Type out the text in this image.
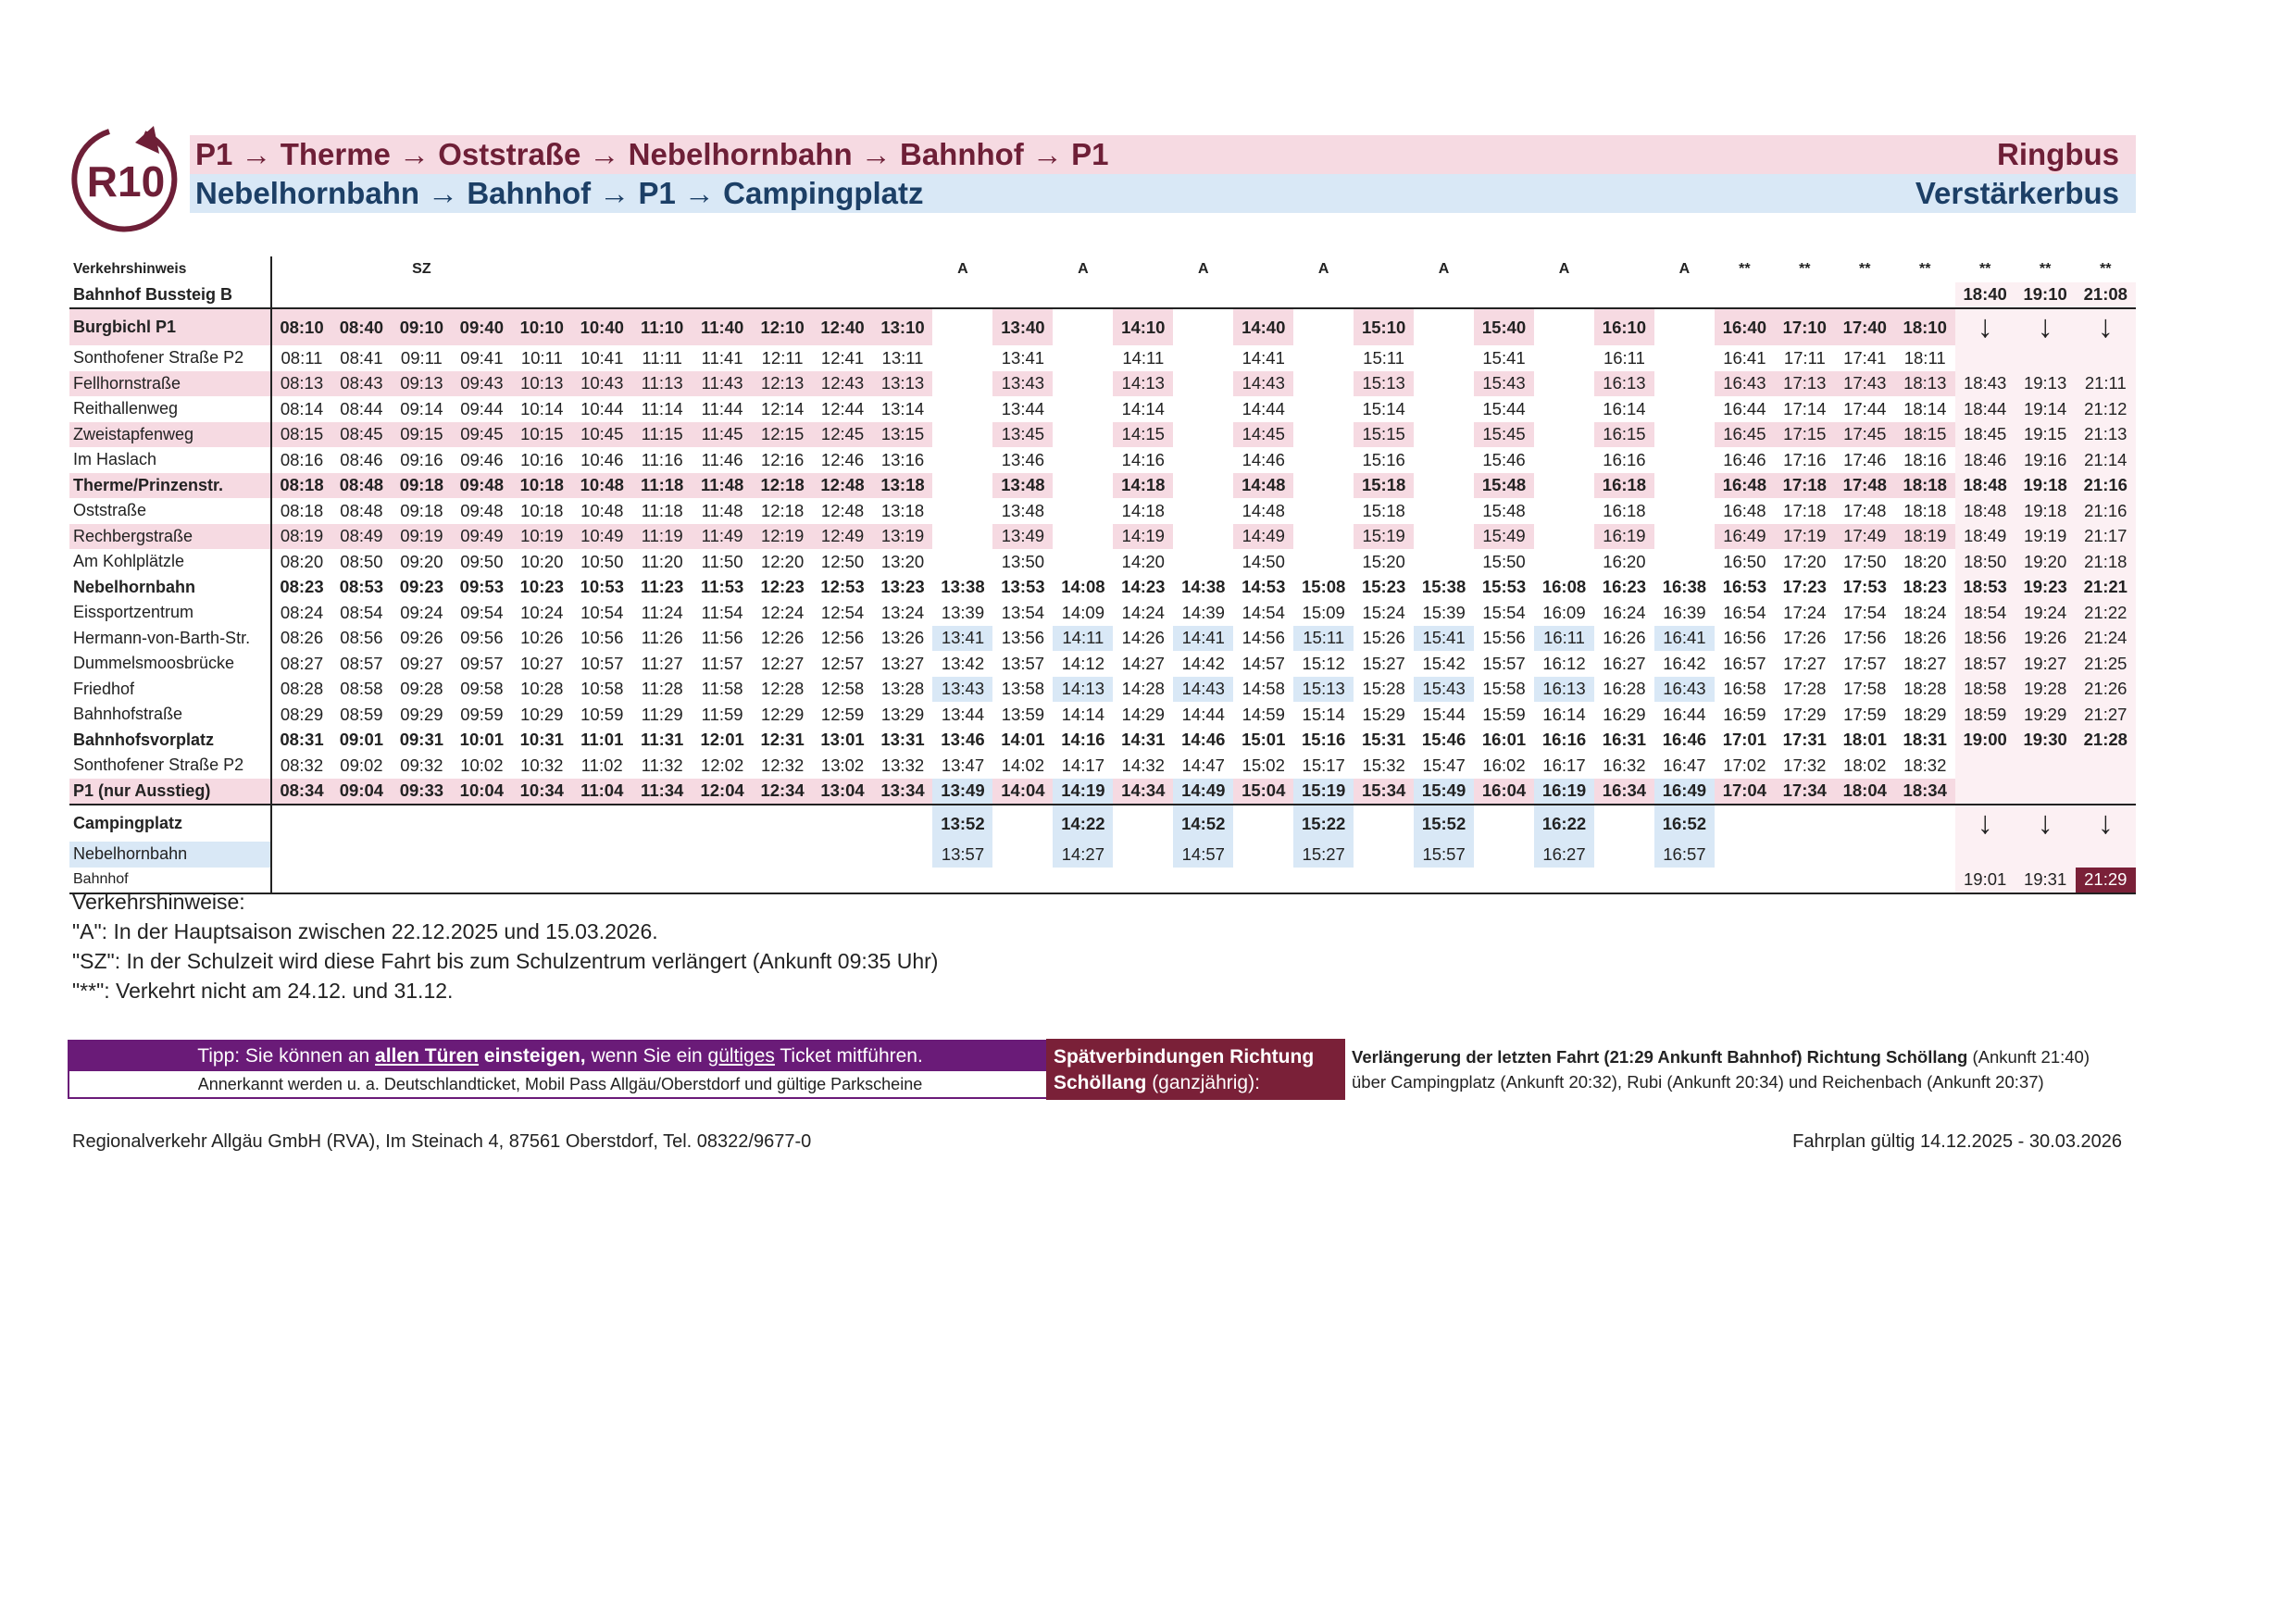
R10
P1 → Therme → Oststraße → Nebelhornbahn → Bahnhof → P1	Ringbus
Nebelhornbahn → Bahnhof → P1 → Campingplatz	Verstärkerbus
Verkehrshinweis			SZ									A		A		A		A		A		A		A	**	**	**	**	**	**	**
Bahnhof Bussteig B																													18:40	19:10	21:08
Burgbichl P1	08:10	08:40	09:10	09:40	10:10	10:40	11:10	11:40	12:10	12:40	13:10		13:40		14:10		14:40		15:10		15:40		16:10		16:40	17:10	17:40	18:10	↓	↓	↓
Sonthofener Straße P2	08:11	08:41	09:11	09:41	10:11	10:41	11:11	11:41	12:11	12:41	13:11		13:41		14:11		14:41		15:11		15:41		16:11		16:41	17:11	17:41	18:11			
Fellhornstraße	08:13	08:43	09:13	09:43	10:13	10:43	11:13	11:43	12:13	12:43	13:13		13:43		14:13		14:43		15:13		15:43		16:13		16:43	17:13	17:43	18:13	18:43	19:13	21:11
Reithallenweg	08:14	08:44	09:14	09:44	10:14	10:44	11:14	11:44	12:14	12:44	13:14		13:44		14:14		14:44		15:14		15:44		16:14		16:44	17:14	17:44	18:14	18:44	19:14	21:12
Zweistapfenweg	08:15	08:45	09:15	09:45	10:15	10:45	11:15	11:45	12:15	12:45	13:15		13:45		14:15		14:45		15:15		15:45		16:15		16:45	17:15	17:45	18:15	18:45	19:15	21:13
Im Haslach	08:16	08:46	09:16	09:46	10:16	10:46	11:16	11:46	12:16	12:46	13:16		13:46		14:16		14:46		15:16		15:46		16:16		16:46	17:16	17:46	18:16	18:46	19:16	21:14
Therme/Prinzenstr.	08:18	08:48	09:18	09:48	10:18	10:48	11:18	11:48	12:18	12:48	13:18		13:48		14:18		14:48		15:18		15:48		16:18		16:48	17:18	17:48	18:18	18:48	19:18	21:16
Oststraße	08:18	08:48	09:18	09:48	10:18	10:48	11:18	11:48	12:18	12:48	13:18		13:48		14:18		14:48		15:18		15:48		16:18		16:48	17:18	17:48	18:18	18:48	19:18	21:16
Rechbergstraße	08:19	08:49	09:19	09:49	10:19	10:49	11:19	11:49	12:19	12:49	13:19		13:49		14:19		14:49		15:19		15:49		16:19		16:49	17:19	17:49	18:19	18:49	19:19	21:17
Am Kohlplätzle	08:20	08:50	09:20	09:50	10:20	10:50	11:20	11:50	12:20	12:50	13:20		13:50		14:20		14:50		15:20		15:50		16:20		16:50	17:20	17:50	18:20	18:50	19:20	21:18
Nebelhornbahn	08:23	08:53	09:23	09:53	10:23	10:53	11:23	11:53	12:23	12:53	13:23	13:38	13:53	14:08	14:23	14:38	14:53	15:08	15:23	15:38	15:53	16:08	16:23	16:38	16:53	17:23	17:53	18:23	18:53	19:23	21:21
Eissportzentrum	08:24	08:54	09:24	09:54	10:24	10:54	11:24	11:54	12:24	12:54	13:24	13:39	13:54	14:09	14:24	14:39	14:54	15:09	15:24	15:39	15:54	16:09	16:24	16:39	16:54	17:24	17:54	18:24	18:54	19:24	21:22
Hermann-von-Barth-Str.	08:26	08:56	09:26	09:56	10:26	10:56	11:26	11:56	12:26	12:56	13:26	13:41	13:56	14:11	14:26	14:41	14:56	15:11	15:26	15:41	15:56	16:11	16:26	16:41	16:56	17:26	17:56	18:26	18:56	19:26	21:24
Dummelsmoosbrücke	08:27	08:57	09:27	09:57	10:27	10:57	11:27	11:57	12:27	12:57	13:27	13:42	13:57	14:12	14:27	14:42	14:57	15:12	15:27	15:42	15:57	16:12	16:27	16:42	16:57	17:27	17:57	18:27	18:57	19:27	21:25
Friedhof	08:28	08:58	09:28	09:58	10:28	10:58	11:28	11:58	12:28	12:58	13:28	13:43	13:58	14:13	14:28	14:43	14:58	15:13	15:28	15:43	15:58	16:13	16:28	16:43	16:58	17:28	17:58	18:28	18:58	19:28	21:26
Bahnhofstraße	08:29	08:59	09:29	09:59	10:29	10:59	11:29	11:59	12:29	12:59	13:29	13:44	13:59	14:14	14:29	14:44	14:59	15:14	15:29	15:44	15:59	16:14	16:29	16:44	16:59	17:29	17:59	18:29	18:59	19:29	21:27
Bahnhofsvorplatz	08:31	09:01	09:31	10:01	10:31	11:01	11:31	12:01	12:31	13:01	13:31	13:46	14:01	14:16	14:31	14:46	15:01	15:16	15:31	15:46	16:01	16:16	16:31	16:46	17:01	17:31	18:01	18:31	19:00	19:30	21:28
Sonthofener Straße P2	08:32	09:02	09:32	10:02	10:32	11:02	11:32	12:02	12:32	13:02	13:32	13:47	14:02	14:17	14:32	14:47	15:02	15:17	15:32	15:47	16:02	16:17	16:32	16:47	17:02	17:32	18:02	18:32			
P1 (nur Ausstieg)	08:34	09:04	09:33	10:04	10:34	11:04	11:34	12:04	12:34	13:04	13:34	13:49	14:04	14:19	14:34	14:49	15:04	15:19	15:34	15:49	16:04	16:19	16:34	16:49	17:04	17:34	18:04	18:34			
Campingplatz												13:52		14:22		14:52		15:22		15:52		16:22		16:52					↓	↓	↓
Nebelhornbahn												13:57		14:27		14:57		15:27		15:57		16:27		16:57							
Bahnhof																													19:01	19:31	21:29
Verkehrshinweise:
"A": In der Hauptsaison zwischen 22.12.2025 und 15.03.2026.
"SZ": In der Schulzeit wird diese Fahrt bis zum Schulzentrum verlängert (Ankunft 09:35 Uhr)
"**": Verkehrt nicht am 24.12. und 31.12.
Tipp: Sie können an allen Türen einsteigen, wenn Sie ein gültiges Ticket mitführen.
Annerkannt werden u. a. Deutschlandticket, Mobil Pass Allgäu/Oberstdorf und gültige Parkscheine
Spätverbindungen Richtung Schöllang (ganzjährig):
Verlängerung der letzten Fahrt (21:29 Ankunft Bahnhof) Richtung Schöllang (Ankunft 21:40)
über Campingplatz (Ankunft 20:32), Rubi (Ankunft 20:34) und Reichenbach (Ankunft 20:37)
Regionalverkehr Allgäu GmbH (RVA), Im Steinach 4, 87561 Oberstdorf, Tel. 08322/9677-0	Fahrplan gültig 14.12.2025 - 30.03.2026
